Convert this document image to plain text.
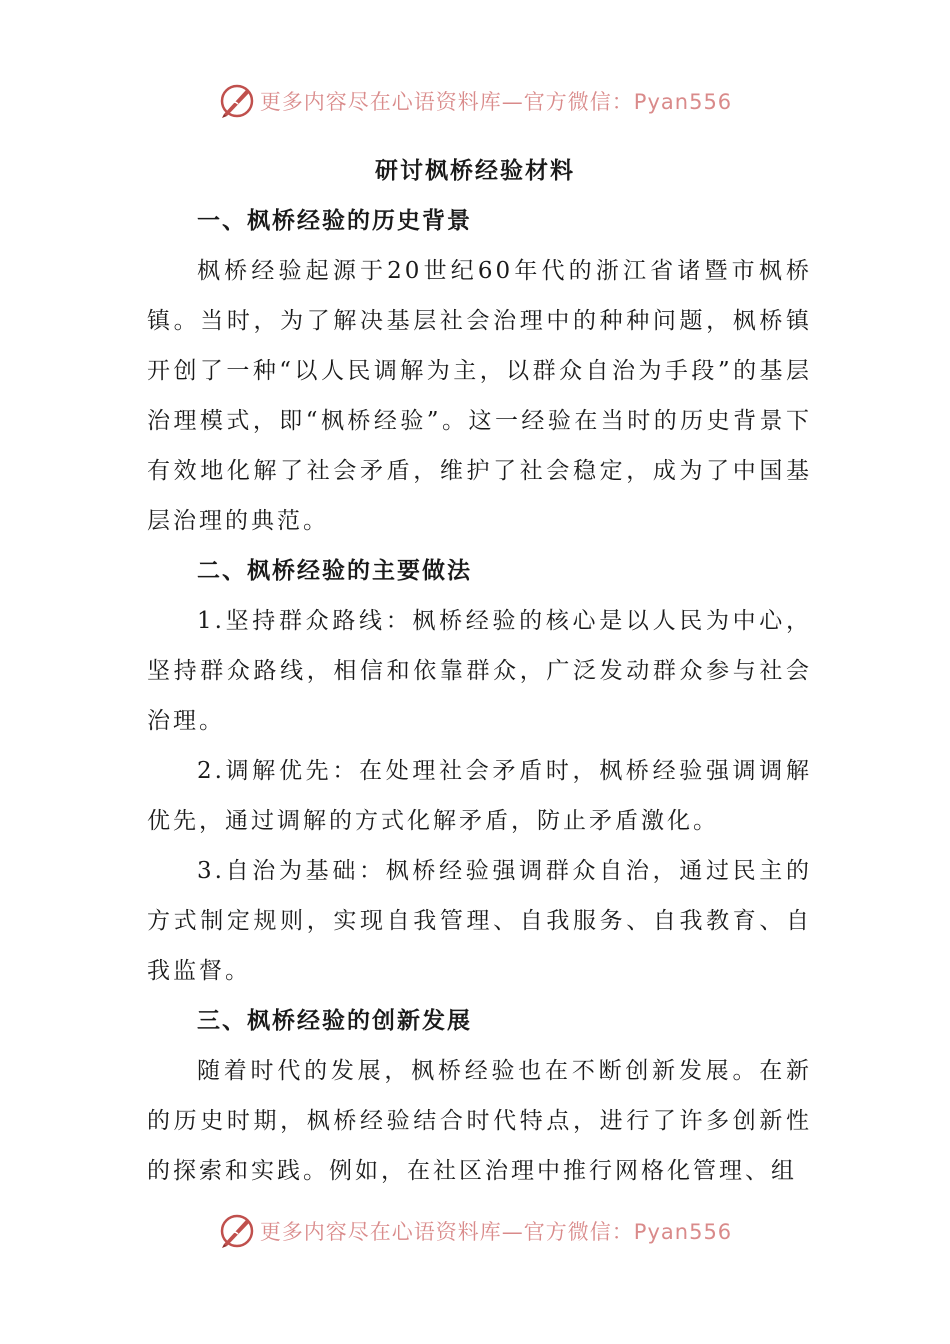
更多内容尽在心语资料库—官方微信：Pyan556
研讨枫桥经验材料
一、枫桥经验的历史背景

枫桥经验起源于20世纪60年代的浙江省诸暨市枫桥镇。当时，为了解决基层社会治理中的种种问题，枫桥镇开创了一种“以人民调解为主，以群众自治为手段”的基层治理模式，即“枫桥经验”。这一经验在当时的历史背景下有效地化解了社会矛盾，维护了社会稳定，成为了中国基层治理的典范。

二、枫桥经验的主要做法

1.坚持群众路线：枫桥经验的核心是以人民为中心，坚持群众路线，相信和依靠群众，广泛发动群众参与社会治理。

2.调解优先：在处理社会矛盾时，枫桥经验强调调解优先，通过调解的方式化解矛盾，防止矛盾激化。

3.自治为基础：枫桥经验强调群众自治，通过民主的方式制定规则，实现自我管理、自我服务、自我教育、自我监督。

三、枫桥经验的创新发展

随着时代的发展，枫桥经验也在不断创新发展。在新的历史时期，枫桥经验结合时代特点，进行了许多创新性的探索和实践。例如，在社区治理中推行网格化管理、组

更多内容尽在心语资料库—官方微信：Pyan556
